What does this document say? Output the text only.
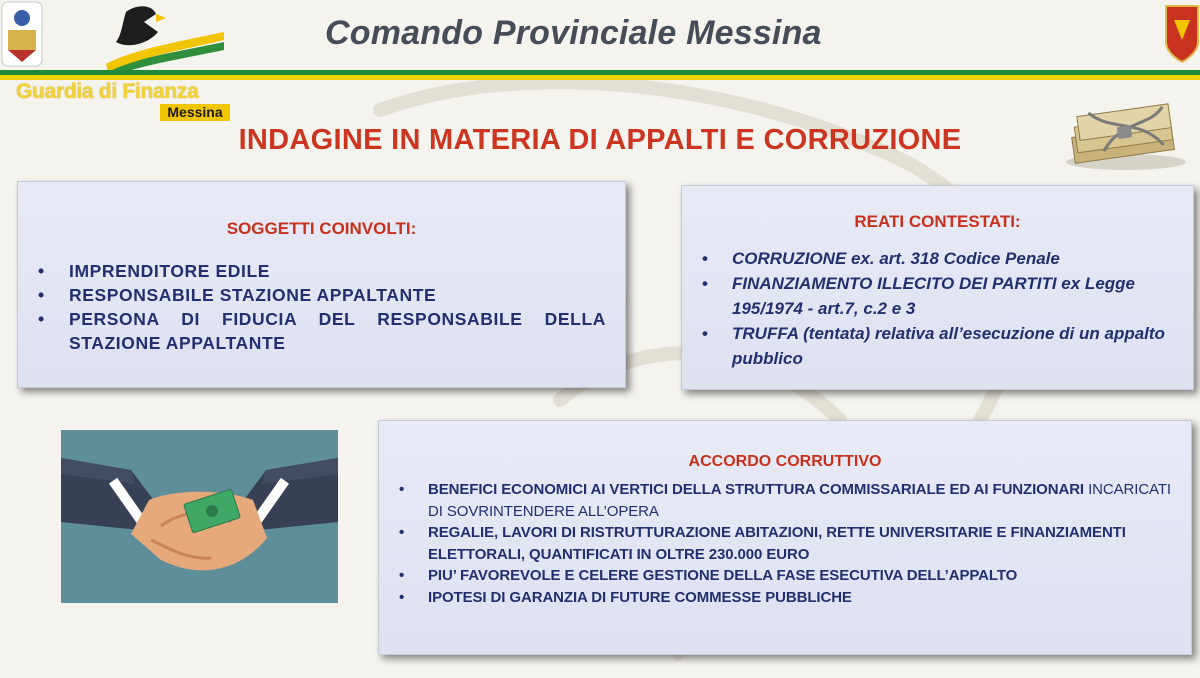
Comando Provinciale Messina
Guardia di Finanza
Messina
INDAGINE IN MATERIA DI APPALTI E CORRUZIONE
SOGGETTI COINVOLTI:
• IMPRENDITORE EDILE
• RESPONSABILE STAZIONE APPALTANTE
• PERSONA DI FIDUCIA DEL RESPONSABILE DELLA STAZIONE APPALTANTE
REATI CONTESTATI:
• CORRUZIONE ex. art. 318 Codice Penale
• FINANZIAMENTO ILLECITO DEI PARTITI ex Legge 195/1974 - art.7, c.2 e 3
• TRUFFA (tentata) relativa all’esecuzione di un appalto pubblico
ACCORDO CORRUTTIVO
• BENEFICI ECONOMICI AI VERTICI DELLA STRUTTURA COMMISSARIALE ED AI FUNZIONARI INCARICATI DI SOVRINTENDERE ALL’OPERA
• REGALIE, LAVORI DI RISTRUTTURAZIONE ABITAZIONI, RETTE UNIVERSITARIE E FINANZIAMENTI ELETTORALI, QUANTIFICATI IN OLTRE 230.000 EURO
• PIU’ FAVOREVOLE E CELERE GESTIONE DELLA FASE ESECUTIVA DELL’APPALTO
• IPOTESI DI GARANZIA DI FUTURE COMMESSE PUBBLICHE
